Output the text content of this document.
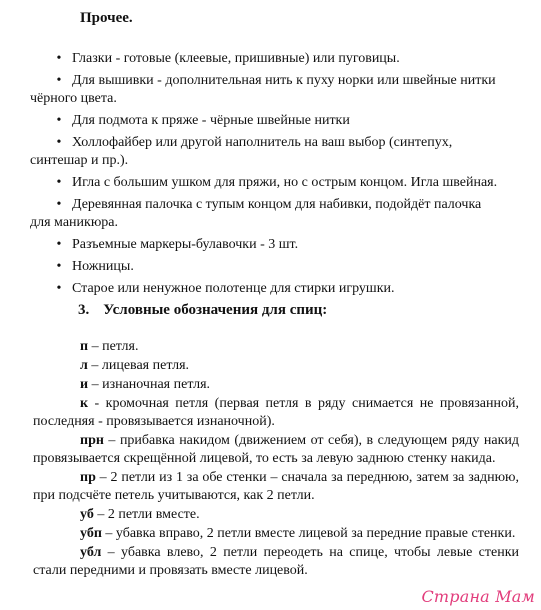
Прочее.
• Глазки - готовые (клеевые, пришивные) или пуговицы.
• Для вышивки - дополнительная нить к пуху норки или швейные нитки
чёрного цвета.
• Для подмота к пряже - чёрные швейные нитки
• Холлофайбер или другой наполнитель на ваш выбор (синтепух,
синтешар и пр.).
• Игла с большим ушком для пряжи, но с острым концом. Игла швейная.
• Деревянная палочка с тупым концом для набивки, подойдёт палочка
для маникюра.
• Разъемные маркеры-булавочки - 3 шт.
• Ножницы.
• Старое или ненужное полотенце для стирки игрушки.
3. Условные обозначения для спиц:
п – петля.
л – лицевая петля.
и – изнаночная петля.
к - кромочная петля (первая петля в ряду снимается не провязанной, последняя - провязывается изнаночной).
прн – прибавка накидом (движением от себя), в следующем ряду накид провязывается скрещённой лицевой, то есть за левую заднюю стенку накида.
пр – 2 петли из 1 за обе стенки – сначала за переднюю, затем за заднюю, при подсчёте петель учитываются, как 2 петли.
уб – 2 петли вместе.
убп – убавка вправо, 2 петли вместе лицевой за передние правые стенки.
убл – убавка влево, 2 петли переодеть на спице, чтобы левые стенки стали передними и провязать вместе лицевой.
Страна Мам
